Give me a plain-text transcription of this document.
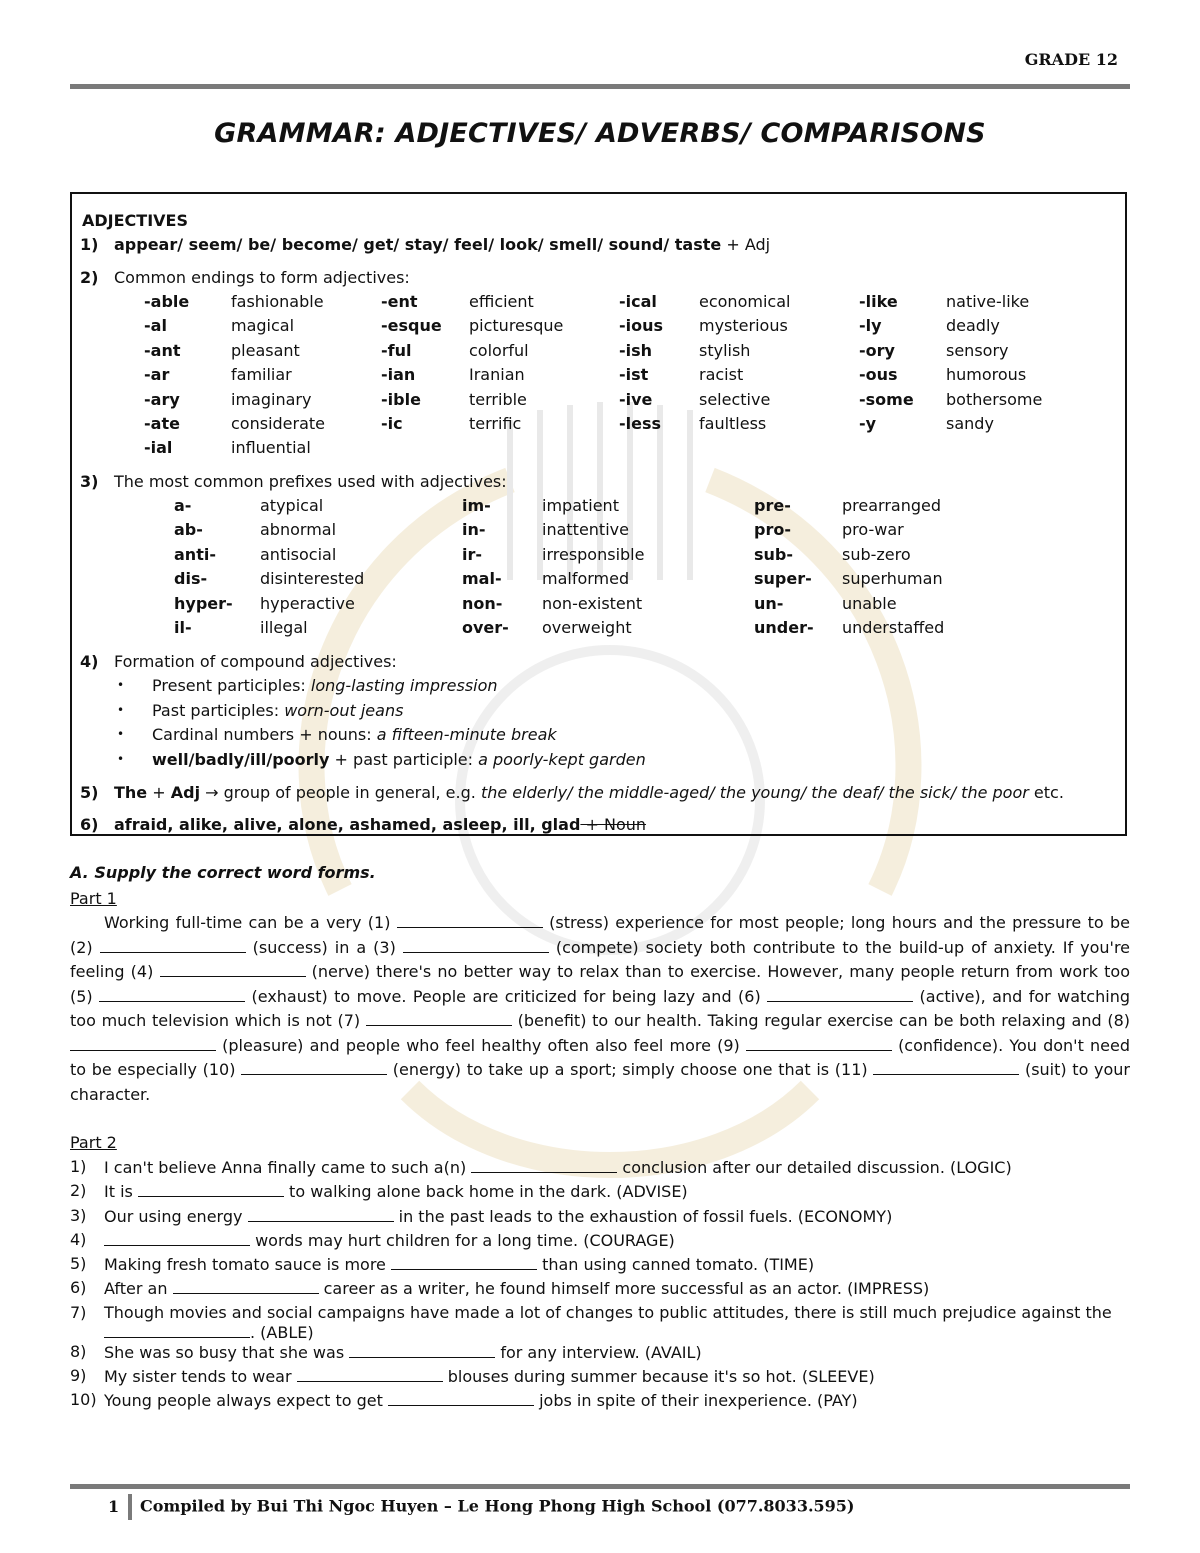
GRADE 12
GRAMMAR: ADJECTIVES/ ADVERBS/ COMPARISONS
ADJECTIVES
1) appear/ seem/ be/ become/ get/ stay/ feel/ look/ smell/ sound/ taste + Adj
2) Common endings to form adjectives:
-able	fashionable	-ent	efficient	-ical	economical	-like	native-like
-al	magical	-esque	picturesque	-ious	mysterious	-ly	deadly
-ant	pleasant	-ful	colorful	-ish	stylish	-ory	sensory
-ar	familiar	-ian	Iranian	-ist	racist	-ous	humorous
-ary	imaginary	-ible	terrible	-ive	selective	-some	bothersome
-ate	considerate	-ic	terrific	-less	faultless	-y	sandy
-ial	influential						
3) The most common prefixes used with adjectives:
a-	atypical	im-	impatient	pre-	prearranged
ab-	abnormal	in-	inattentive	pro-	pro-war
anti-	antisocial	ir-	irresponsible	sub-	sub-zero
dis-	disinterested	mal-	malformed	super-	superhuman
hyper-	hyperactive	non-	non-existent	un-	unable
il-	illegal	over-	overweight	under-	understaffed
4) Formation of compound adjectives:
• Present participles: long-lasting impression
• Past participles: worn-out jeans
• Cardinal numbers + nouns: a fifteen-minute break
• well/badly/ill/poorly + past participle: a poorly-kept garden
5) The + Adj → group of people in general, e.g. the elderly/ the middle-aged/ the young/ the deaf/ the sick/ the poor etc.
6) afraid, alike, alive, alone, ashamed, asleep, ill, glad + Noun
A. Supply the correct word forms.
Part 1
Working full-time can be a very (1)	(stress) experience for most people; long hours and the pressure to be (2)	(success) in a (3)	(compete) society both contribute to the build-up of anxiety. If you're feeling (4)	(nerve) there's no better way to relax than to exercise. However, many people return from work too (5)	(exhaust) to move. People are criticized for being lazy and (6)	(active), and for watching too much television which is not (7)	(benefit) to our health. Taking regular exercise can be both relaxing and (8)  (pleasure) and people who feel healthy often also feel more (9)	(confidence). You don't need to be especially (10)	(energy) to take up a sport; simply choose one that is (11)	(suit) to your character.
Part 2
1)	I can't believe Anna finally came to such a(n) conclusion after our detailed discussion. (LOGIC)
2)	It is to walking alone back home in the dark. (ADVISE)
3)	Our using energy in the past leads to the exhaustion of fossil fuels. (ECONOMY)
4)	words may hurt children for a long time. (COURAGE)
5)	Making fresh tomato sauce is more than using canned tomato. (TIME)
6)	After an career as a writer, he found himself more successful as an actor. (IMPRESS)
7)	Though movies and social campaigns have made a lot of changes to public attitudes, there is still much prejudice against the
. (ABLE)
8)	She was so busy that she was for any interview. (AVAIL)
9)	My sister tends to wear blouses during summer because it's so hot. (SLEEVE)
10)	Young people always expect to get jobs in spite of their inexperience. (PAY)
1 Compiled by Bui Thi Ngoc Huyen – Le Hong Phong High School (077.8033.595)
